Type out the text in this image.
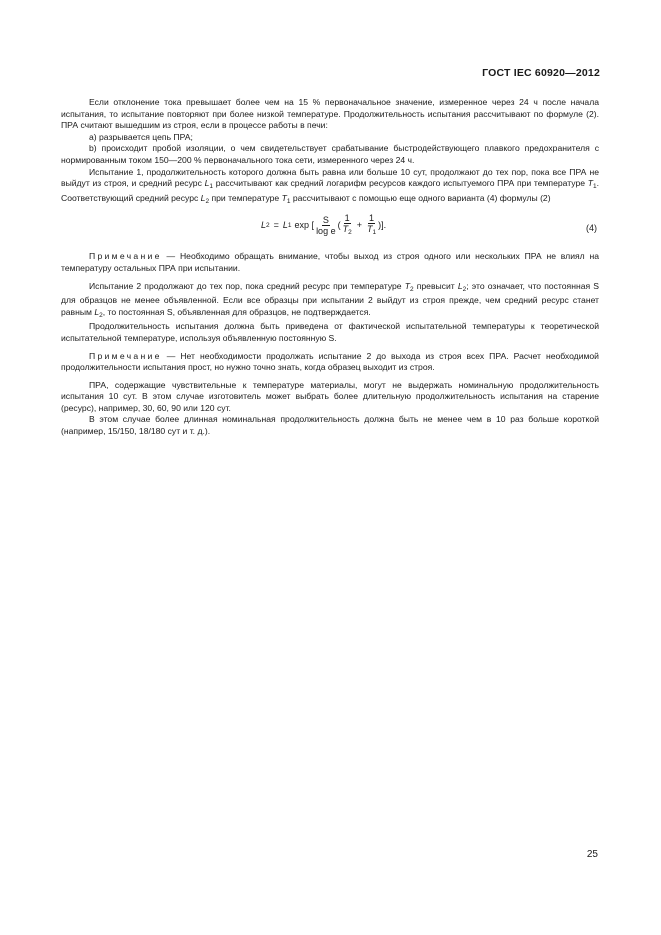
ГОСТ IEC 60920—2012

Если отклонение тока превышает более чем на 15 % первоначальное значение, измеренное через 24 ч после начала испытания, то испытание повторяют при более низкой температуре. Продолжительность испытания рассчитывают по формуле (2). ПРА считают вышедшим из строя, если в процессе работы в печи:

a) разрывается цепь ПРА;

b) происходит пробой изоляции, о чем свидетельствует срабатывание быстродействующего плавкого предохранителя с нормированным током 150—200 % первоначального тока сети, измеренного через 24 ч.

Испытание 1, продолжительность которого должна быть равна или больше 10 сут, продолжают до тех пор, пока все ПРА не выйдут из строя, и средний ресурс $L_1$ рассчитывают как средний логарифм ресурсов каждого испытуемого ПРА при температуре $T_1$. Соответствующий средний ресурс $L_2$ при температуре $T_1$ рассчитывают с помощью еще одного варианта (4) формулы (2)

L 2 = L 1 exp [ $\frac{S}{\text{log e}}$ ( $\frac{1}{T_2} + \frac{1}{T_1}$ )].	(4)

Примечание — Необходимо обращать внимание, чтобы выход из строя одного или нескольких ПРА не влиял на температуру остальных ПРА при испытании.

Испытание 2 продолжают до тех пор, пока средний ресурс при температуре $T_2$ превысит $L_2$; это означает, что постоянная S для образцов не менее объявленной. Если все образцы при испытании 2 выйдут из строя прежде, чем средний ресурс станет равным $L_2$, то постоянная S, объявленная для образцов, не подтверждается.

Продолжительность испытания должна быть приведена от фактической испытательной температуры к теоретической испытательной температуре, используя объявленную постоянную S.

Примечание — Нет необходимости продолжать испытание 2 до выхода из строя всех ПРА. Расчет необходимой продолжительности испытания прост, но нужно точно знать, когда образец выходит из строя.

ПРА, содержащие чувствительные к температуре материалы, могут не выдержать номинальную продолжительность испытания 10 сут. В этом случае изготовитель может выбрать более длительную продолжительность испытания на старение (ресурс), например, 30, 60, 90 или 120 сут.

В этом случае более длинная номинальная продолжительность должна быть не менее чем в 10 раз больше короткой (например, 15/150, 18/180 сут и т. д.).

25
